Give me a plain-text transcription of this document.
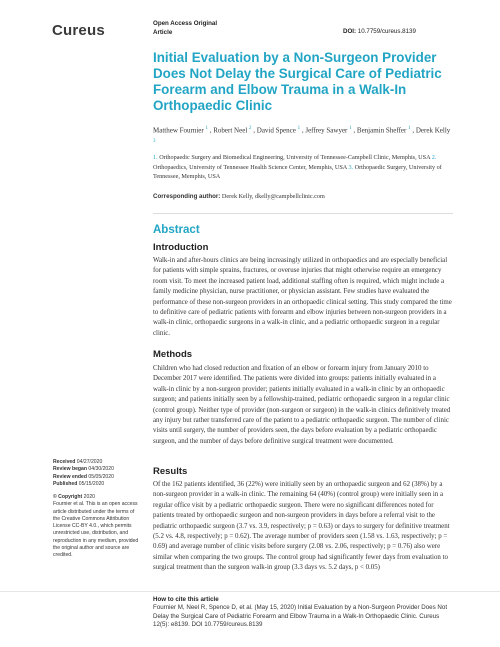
Cureus	Open Access Original
Article	DOI: 10.7759/cureus.8139
Initial Evaluation by a Non-Surgeon Provider Does Not Delay the Surgical Care of Pediatric Forearm and Elbow Trauma in a Walk-In Orthopaedic Clinic
Matthew Fournier $^1$ , Robert Neel $^2$ , David Spence $^1$ , Jeffrey Sawyer $^1$ , Benjamin Sheffer $^1$ , Derek Kelly $^3$
1. Orthopaedic Surgery and Biomedical Engineering, University of Tennessee-Campbell Clinic, Memphis, USA 2. Orthopaedics, University of Tennessee Health Science Center, Memphis, USA 3. Orthopaedic Surgery, University of Tennessee, Memphis, USA
Corresponding author: Derek Kelly, dkelly@campbellclinic.com
Abstract
Introduction
Walk-in and after-hours clinics are being increasingly utilized in orthopaedics and are especially beneficial for patients with simple sprains, fractures, or overuse injuries that might otherwise require an emergency room visit. To meet the increased patient load, additional staffing often is required, which might include a family medicine physician, nurse practitioner, or physician assistant. Few studies have evaluated the performance of these non-surgeon providers in an orthopaedic clinical setting. This study compared the time to definitive care of pediatric patients with forearm and elbow injuries between non-surgeon providers in a walk-in clinic, orthopaedic surgeons in a walk-in clinic, and a pediatric orthopaedic surgeon in a regular clinic.
Methods
Children who had closed reduction and fixation of an elbow or forearm injury from January 2010 to December 2017 were identified. The patients were divided into groups: patients initially evaluated in a walk-in clinic by a non-surgeon provider; patients initially evaluated in a walk-in clinic by an orthopaedic surgeon; and patients initially seen by a fellowship-trained, pediatric orthopaedic surgeon in a regular clinic (control group). Neither type of provider (non-surgeon or surgeon) in the walk-in clinics definitively treated any injury but rather transferred care of the patient to a pediatric orthopaedic surgeon. The number of clinic visits until surgery, the number of providers seen, the days before evaluation by a pediatric orthopaedic surgeon, and the number of days before definitive surgical treatment were documented.
Results
Of the 162 patients identified, 36 (22%) were initially seen by an orthopaedic surgeon and 62 (38%) by a non-surgeon provider in a walk-in clinic. The remaining 64 (40%) (control group) were initially seen in a regular office visit by a pediatric orthopaedic surgeon. There were no significant differences noted for patients treated by orthopaedic surgeon and non-surgeon providers in days before a referral visit to the pediatric orthopaedic surgeon (3.7 vs. 3.9, respectively; p = 0.63) or days to surgery for definitive treatment (5.2 vs. 4.8, respectively; p = 0.62). The average number of providers seen (1.58 vs. 1.63, respectively; p = 0.69) and average number of clinic visits before surgery (2.08 vs. 2.06, respectively; p = 0.76) also were similar when comparing the two groups. The control group had significantly fewer days from evaluation to surgical treatment than the surgeon walk-in group (3.3 days vs. 5.2 days, p < 0.05)
Received 04/27/2020
Review began 04/30/2020
Review ended 05/05/2020
Published 05/15/2020
© Copyright 2020
Fournier et al. This is an open access article distributed under the terms of the Creative Commons Attribution License CC-BY 4.0., which permits unrestricted use, distribution, and reproduction in any medium, provided the original author and source are credited.
How to cite this article
Fournier M, Neel R, Spence D, et al. (May 15, 2020) Initial Evaluation by a Non-Surgeon Provider Does Not Delay the Surgical Care of Pediatric Forearm and Elbow Trauma in a Walk-In Orthopaedic Clinic. Cureus 12(5): e8139. DOI 10.7759/cureus.8139
